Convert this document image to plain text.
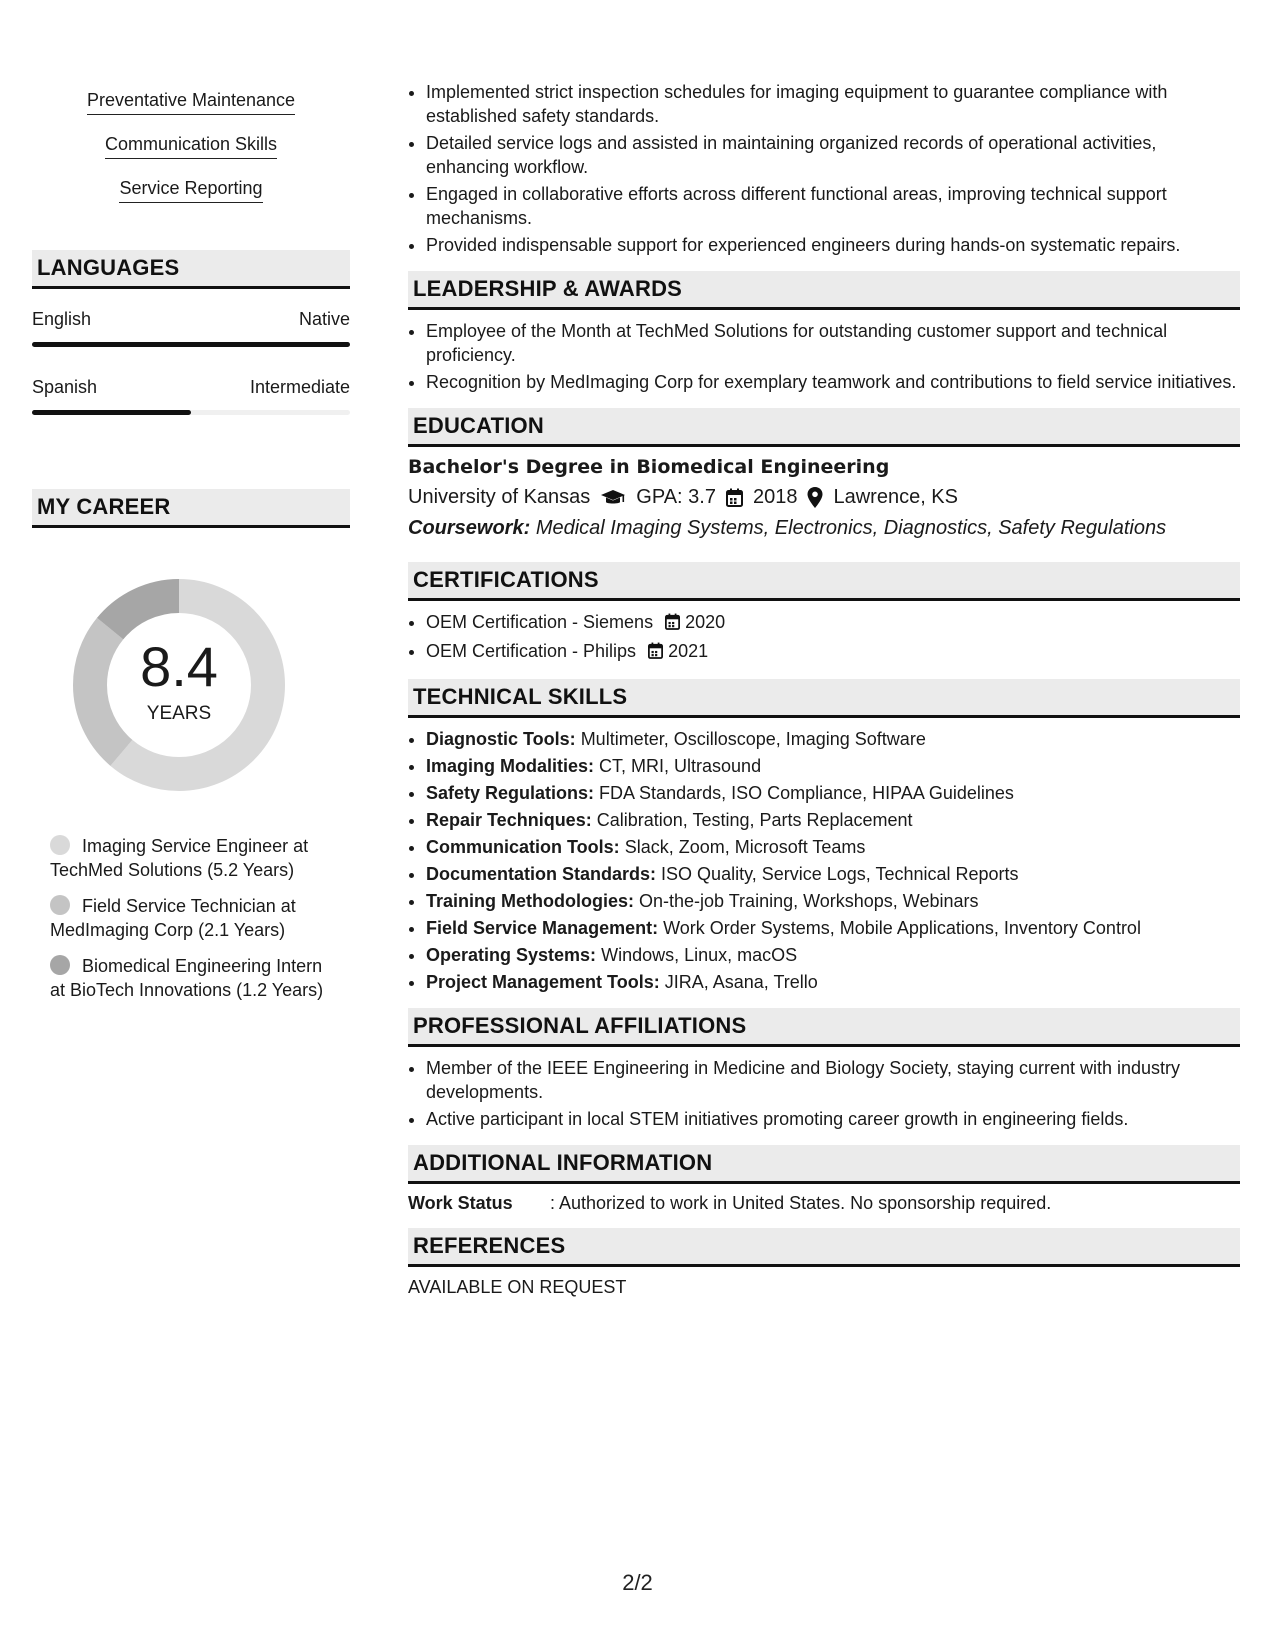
Preventative Maintenance
Communication Skills
Service Reporting
LANGUAGES
English	Native
Spanish	Intermediate
MY CAREER
8.4
YEARS
Imaging Service Engineer at TechMed Solutions (5.2 Years)
Field Service Technician at MedImaging Corp (2.1 Years)
Biomedical Engineering Intern at BioTech Innovations (1.2 Years)
• Implemented strict inspection schedules for imaging equipment to guarantee compliance with established safety standards.
• Detailed service logs and assisted in maintaining organized records of operational activities, enhancing workflow.
• Engaged in collaborative efforts across different functional areas, improving technical support mechanisms.
• Provided indispensable support for experienced engineers during hands-on systematic repairs.
LEADERSHIP & AWARDS
• Employee of the Month at TechMed Solutions for outstanding customer support and technical proficiency.
• Recognition by MedImaging Corp for exemplary teamwork and contributions to field service initiatives.
EDUCATION
Bachelor's Degree in Biomedical Engineering
University of Kansas GPA: 3.7 2018 Lawrence, KS
Coursework: Medical Imaging Systems, Electronics, Diagnostics, Safety Regulations
CERTIFICATIONS
• OEM Certification - Siemens 2020
• OEM Certification - Philips 2021
TECHNICAL SKILLS
• Diagnostic Tools: Multimeter, Oscilloscope, Imaging Software
• Imaging Modalities: CT, MRI, Ultrasound
• Safety Regulations: FDA Standards, ISO Compliance, HIPAA Guidelines
• Repair Techniques: Calibration, Testing, Parts Replacement
• Communication Tools: Slack, Zoom, Microsoft Teams
• Documentation Standards: ISO Quality, Service Logs, Technical Reports
• Training Methodologies: On-the-job Training, Workshops, Webinars
• Field Service Management: Work Order Systems, Mobile Applications, Inventory Control
• Operating Systems: Windows, Linux, macOS
• Project Management Tools: JIRA, Asana, Trello
PROFESSIONAL AFFILIATIONS
• Member of the IEEE Engineering in Medicine and Biology Society, staying current with industry developments.
• Active participant in local STEM initiatives promoting career growth in engineering fields.
ADDITIONAL INFORMATION
Work Status	: Authorized to work in United States. No sponsorship required.
REFERENCES
AVAILABLE ON REQUEST
2/2
